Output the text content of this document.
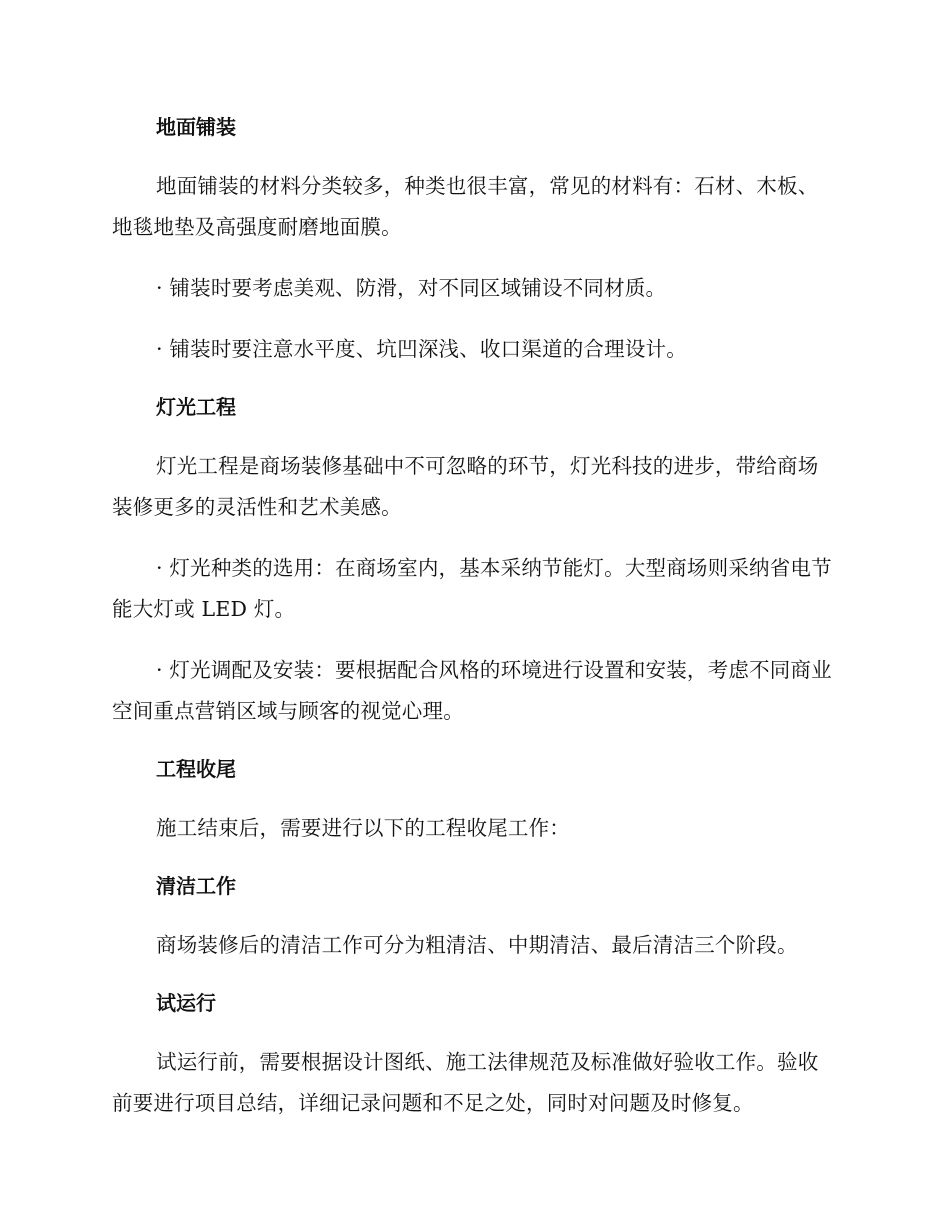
地面铺装

地面铺装的材料分类较多，种类也很丰富，常见的材料有：石材、木板、地毯地垫及高强度耐磨地面膜。

· 铺装时要考虑美观、防滑，对不同区域铺设不同材质。

· 铺装时要注意水平度、坑凹深浅、收口渠道的合理设计。

灯光工程

灯光工程是商场装修基础中不可忽略的环节，灯光科技的进步，带给商场装修更多的灵活性和艺术美感。

· 灯光种类的选用：在商场室内，基本采纳节能灯。大型商场则采纳省电节能大灯或 LED 灯。

· 灯光调配及安装：要根据配合风格的环境进行设置和安装，考虑不同商业空间重点营销区域与顾客的视觉心理。

工程收尾

施工结束后，需要进行以下的工程收尾工作：

清洁工作

商场装修后的清洁工作可分为粗清洁、中期清洁、最后清洁三个阶段。

试运行

试运行前，需要根据设计图纸、施工法律规范及标准做好验收工作。验收前要进行项目总结，详细记录问题和不足之处，同时对问题及时修复。
